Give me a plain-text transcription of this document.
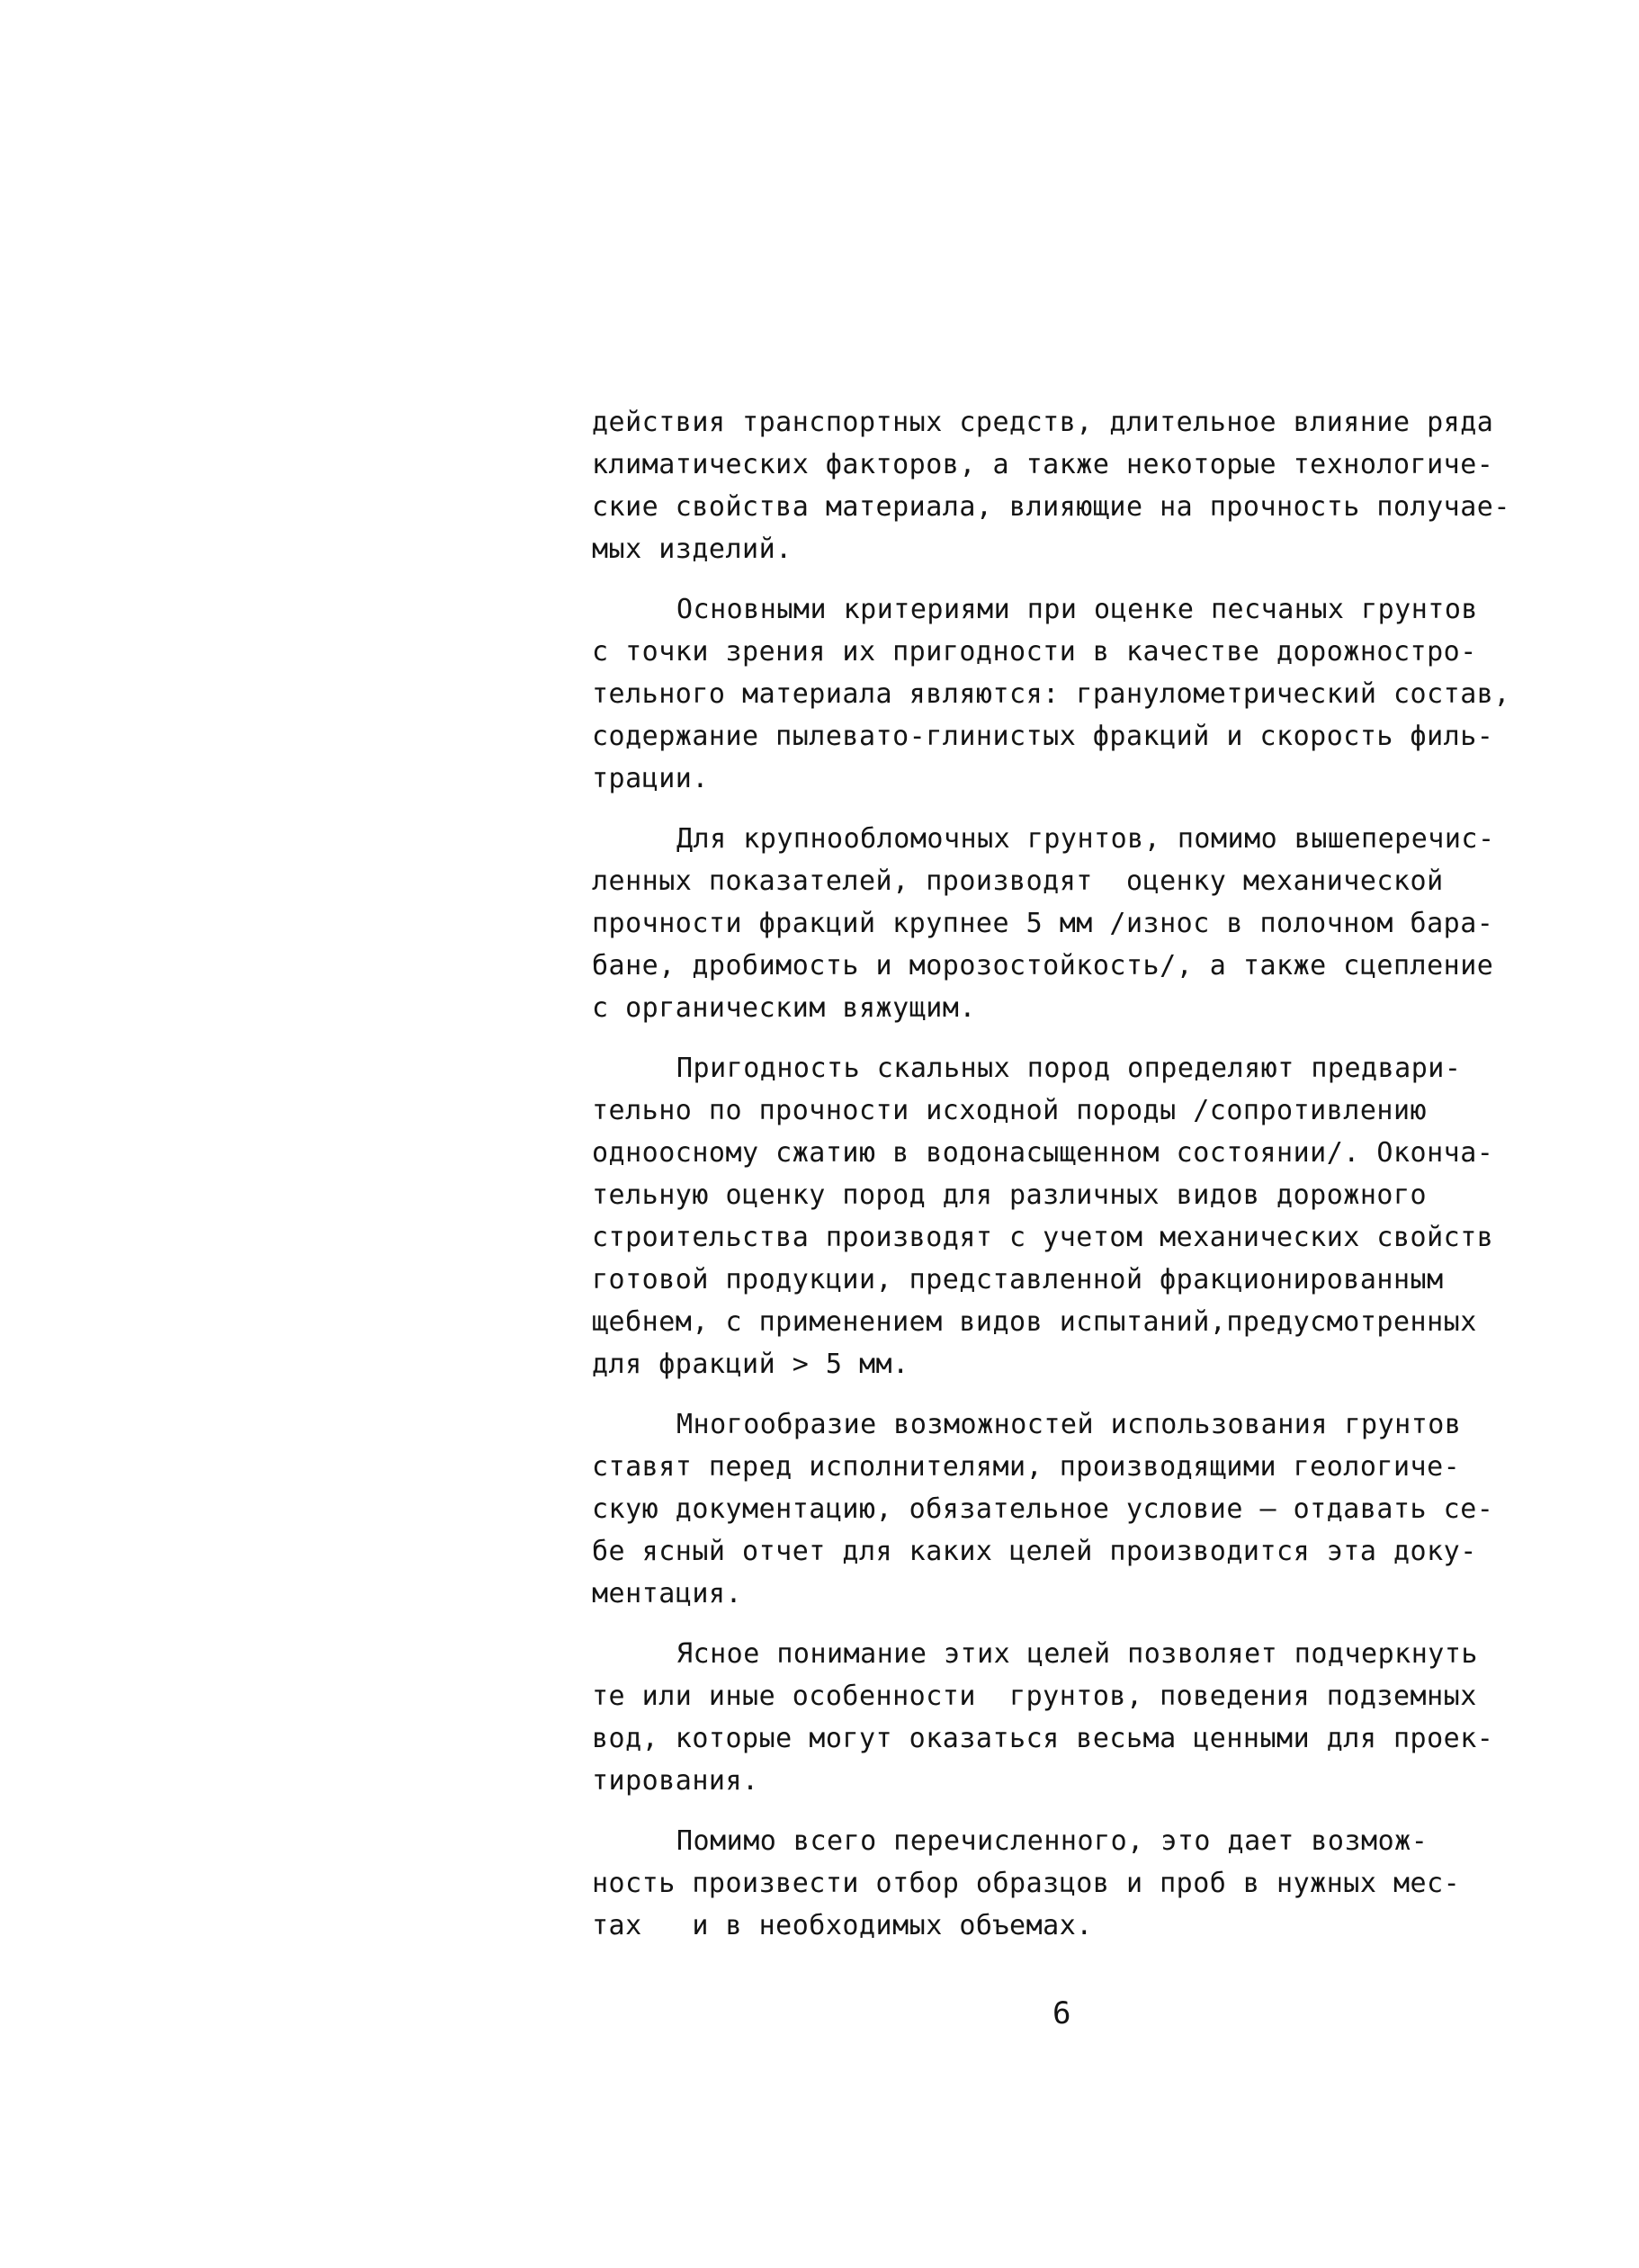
действия транспортных средств, длительное влияние ряда
климатических факторов, а также некоторые технологиче-
ские свойства материала, влияющие на прочность получае-
мых изделий.
Основными критериями при оценке песчаных грунтов
с точки зрения их пригодности в качестве дорожностро-
тельного материала являются: гранулометрический состав,
содержание пылевато-глинистых фракций и скорость филь-
трации.
Для крупнообломочных грунтов, помимо вышеперечис-
ленных показателей, производят  оценку механической
прочности фракций крупнее 5 мм /износ в полочном бара-
бане, дробимость и морозостойкость/, а также сцепление
с органическим вяжущим.
Пригодность скальных пород определяют предвари-
тельно по прочности исходной породы /сопротивлению
одноосному сжатию в водонасыщенном состоянии/. Оконча-
тельную оценку пород для различных видов дорожного
строительства производят с учетом механических свойств
готовой продукции, представленной фракционированным
щебнем, с применением видов испытаний,предусмотренных
для фракций > 5 мм.
Многообразие возможностей использования грунтов
ставят перед исполнителями, производящими геологиче-
скую документацию, обязательное условие – отдавать се-
бе ясный отчет для каких целей производится эта доку-
ментация.
Ясное понимание этих целей позволяет подчеркнуть
те или иные особенности  грунтов, поведения подземных
вод, которые могут оказаться весьма ценными для проек-
тирования.
Помимо всего перечисленного, это дает возмож-
ность произвести отбор образцов и проб в нужных мес-
тах   и в необходимых объемах.
6
